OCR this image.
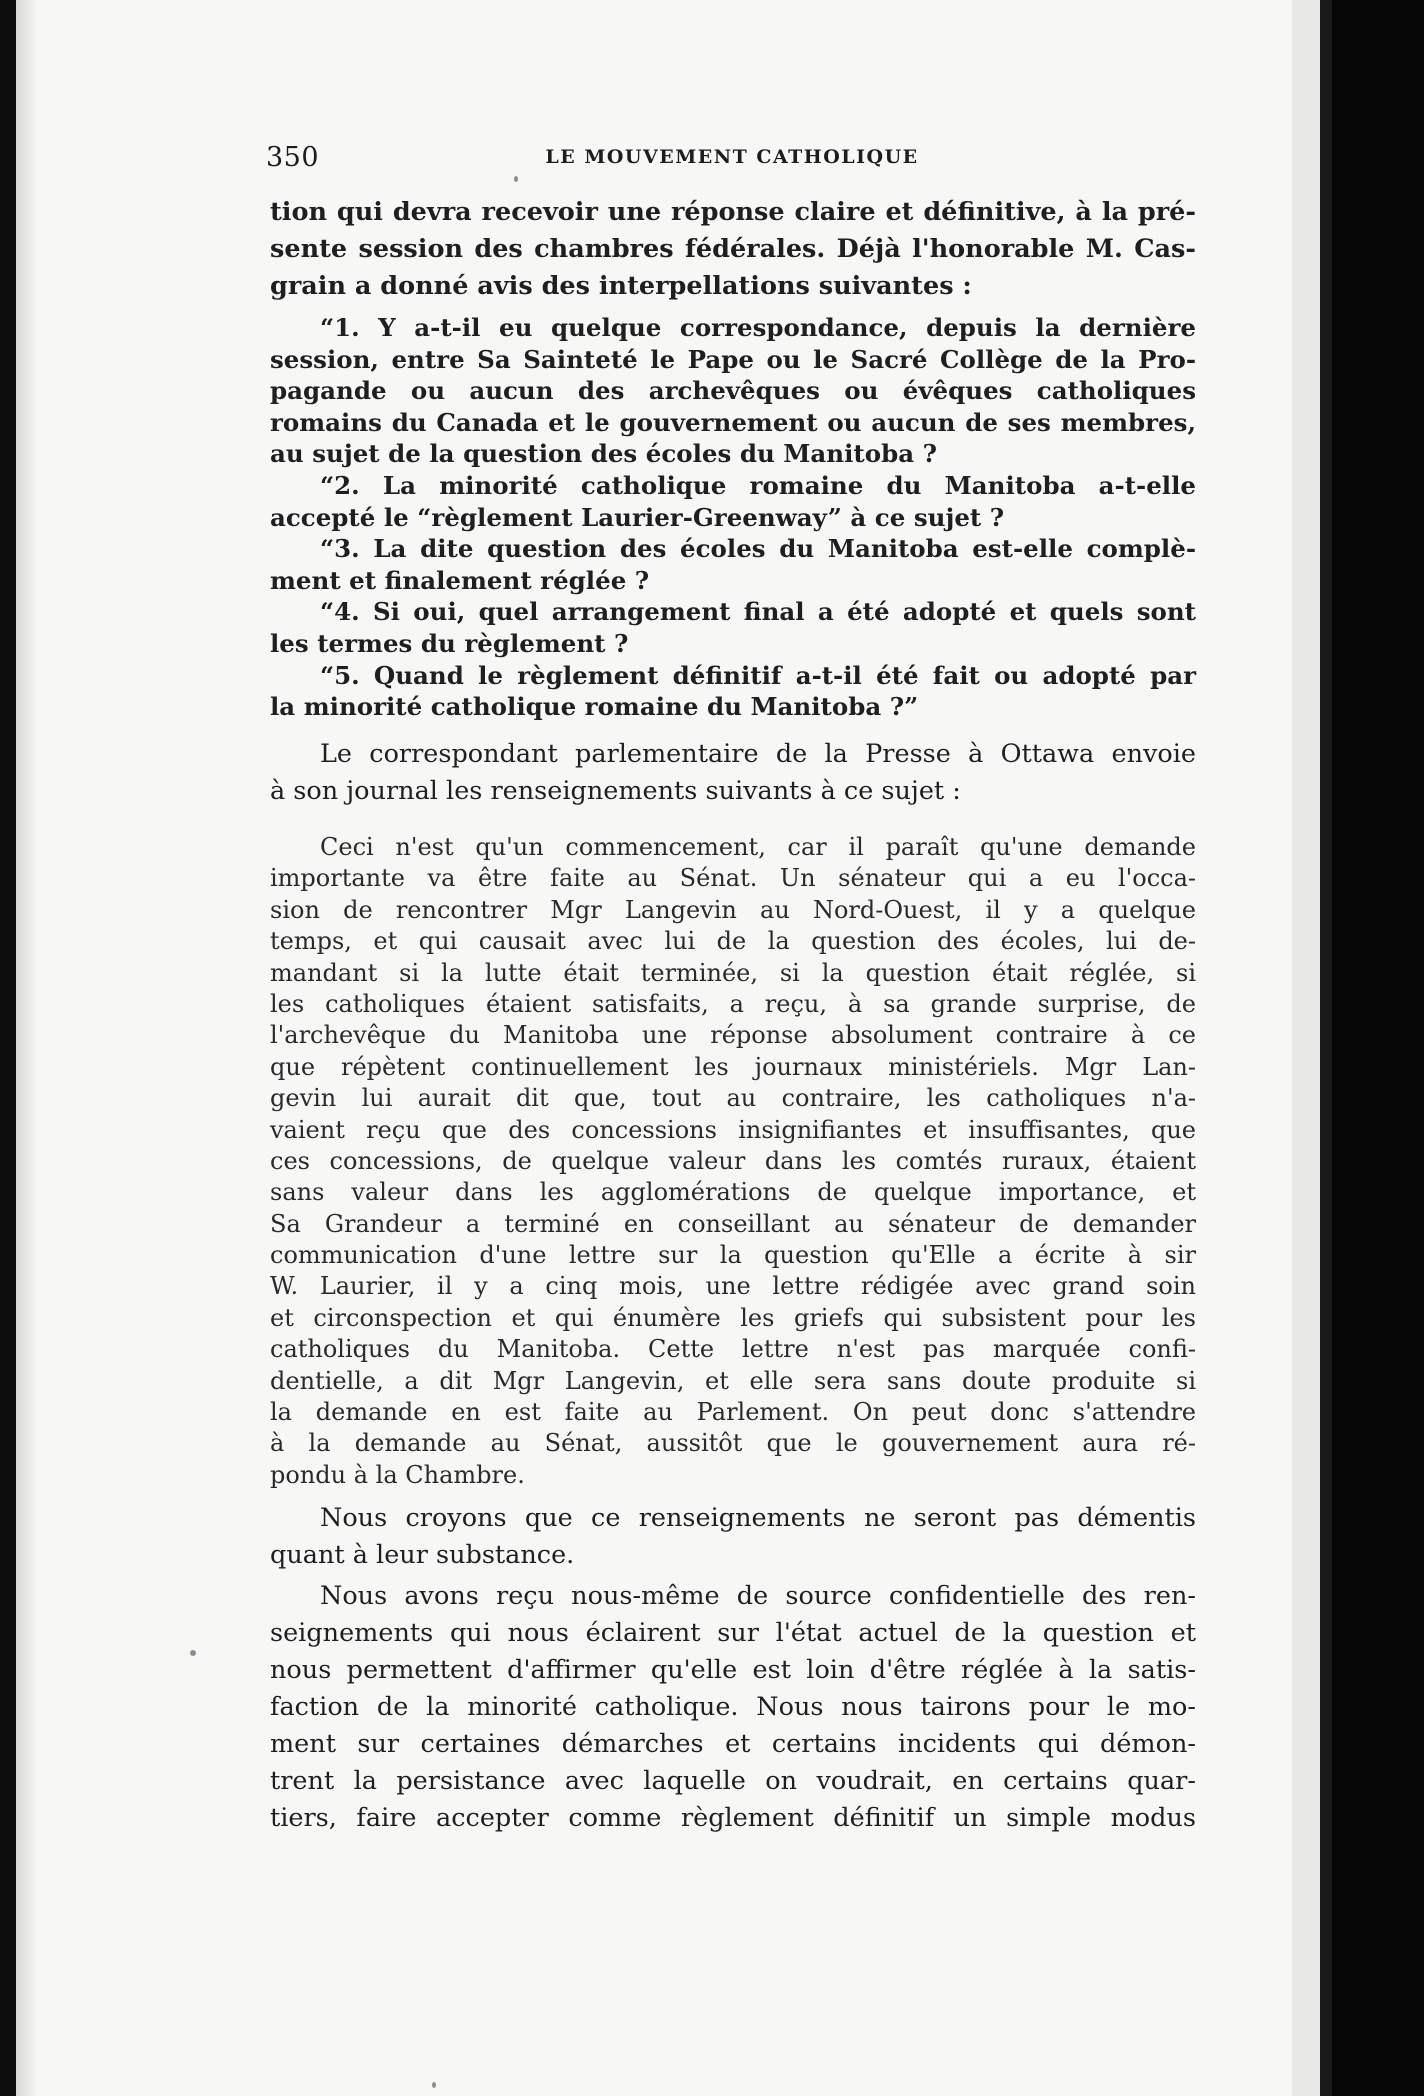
350	LE MOUVEMENT CATHOLIQUE
tion qui devra recevoir une réponse claire et définitive, à la pré-
sente session des chambres fédérales. Déjà l'honorable M. Cas-
grain a donné avis des interpellations suivantes :
“1. Y a-t-il eu quelque correspondance, depuis la dernière
session, entre Sa Sainteté le Pape ou le Sacré Collège de la Pro-
pagande ou aucun des archevêques ou évêques catholiques
romains du Canada et le gouvernement ou aucun de ses membres,
au sujet de la question des écoles du Manitoba ?
“2. La minorité catholique romaine du Manitoba a-t-elle
accepté le “règlement Laurier-Greenway” à ce sujet ?
“3. La dite question des écoles du Manitoba est-elle complè-
ment et finalement réglée ?
“4. Si oui, quel arrangement final a été adopté et quels sont
les termes du règlement ?
“5. Quand le règlement définitif a-t-il été fait ou adopté par
la minorité catholique romaine du Manitoba ?”
Le correspondant parlementaire de la Presse à Ottawa envoie
à son journal les renseignements suivants à ce sujet :
Ceci n'est qu'un commencement, car il paraît qu'une demande
importante va être faite au Sénat. Un sénateur qui a eu l'occa-
sion de rencontrer Mgr Langevin au Nord-Ouest, il y a quelque
temps, et qui causait avec lui de la question des écoles, lui de-
mandant si la lutte était terminée, si la question était réglée, si
les catholiques étaient satisfaits, a reçu, à sa grande surprise, de
l'archevêque du Manitoba une réponse absolument contraire à ce
que répètent continuellement les journaux ministériels. Mgr Lan-
gevin lui aurait dit que, tout au contraire, les catholiques n'a-
vaient reçu que des concessions insignifiantes et insuffisantes, que
ces concessions, de quelque valeur dans les comtés ruraux, étaient
sans valeur dans les agglomérations de quelque importance, et
Sa Grandeur a terminé en conseillant au sénateur de demander
communication d'une lettre sur la question qu'Elle a écrite à sir
W. Laurier, il y a cinq mois, une lettre rédigée avec grand soin
et circonspection et qui énumère les griefs qui subsistent pour les
catholiques du Manitoba. Cette lettre n'est pas marquée confi-
dentielle, a dit Mgr Langevin, et elle sera sans doute produite si
la demande en est faite au Parlement. On peut donc s'attendre
à la demande au Sénat, aussitôt que le gouvernement aura ré-
pondu à la Chambre.
Nous croyons que ce renseignements ne seront pas démentis
quant à leur substance.
Nous avons reçu nous-même de source confidentielle des ren-
seignements qui nous éclairent sur l'état actuel de la question et
nous permettent d'affirmer qu'elle est loin d'être réglée à la satis-
faction de la minorité catholique. Nous nous tairons pour le mo-
ment sur certaines démarches et certains incidents qui démon-
trent la persistance avec laquelle on voudrait, en certains quar-
tiers, faire accepter comme règlement définitif un simple modus
